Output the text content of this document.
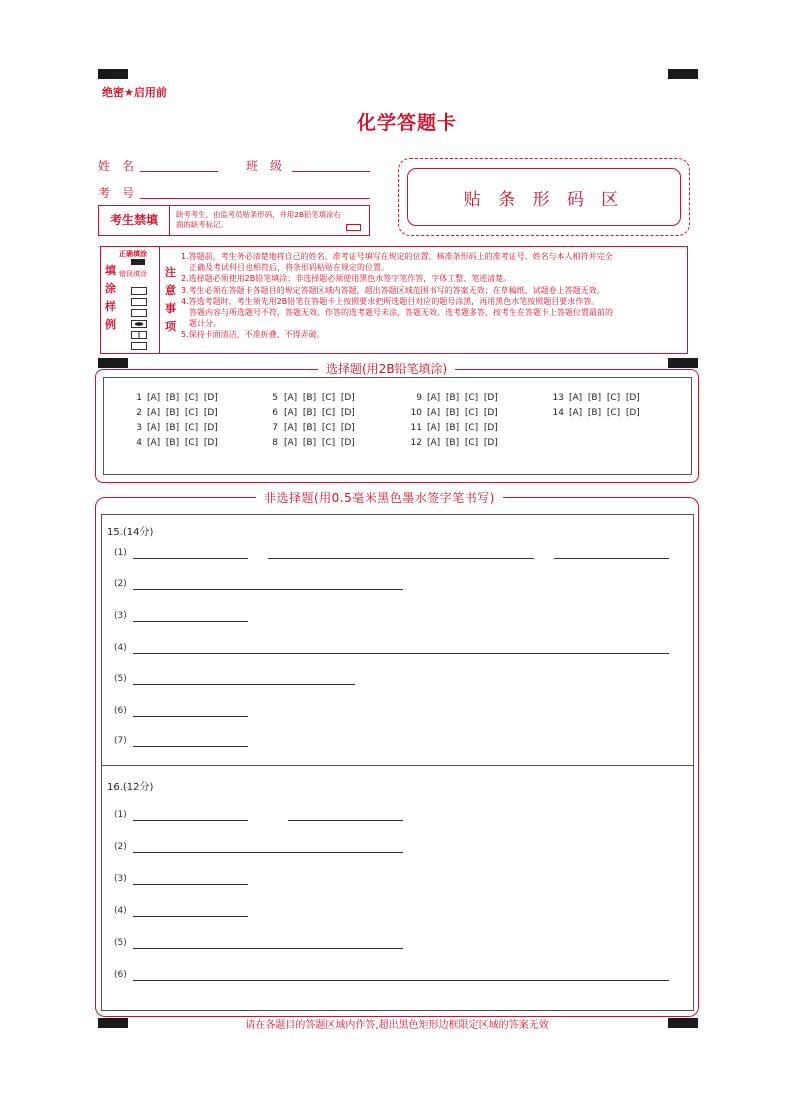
绝密★启用前
化学答题卡
姓　名	班　级
考　号
考生禁填	缺考考生，由监考员贴条形码，并用2B铅笔填涂右面的缺考标记。
贴 条 形 码 区
填
涂
样
例
正确填涂
错误填涂 注
意
事
项
1.答题前，考生务必清楚地将自己的姓名、准考证号填写在规定的位置，核准条形码上的准考证号、姓名与本人相符并完全
　正确及考试科目也相符后，将条形码粘贴在规定的位置。
2.选择题必须使用2B铅笔填涂；非选择题必须使用黑色水签字笔作答，字体工整、笔迹清楚。
3.考生必须在答题卡各题目的规定答题区域内答题，超出答题区域范围书写的答案无效；在草稿纸、试题卷上答题无效。
4.答选考题时，考生须先用2B铅笔在答题卡上按照要求把所选题目对应的题号涂黑，再用黑色水笔按照题目要求作答。
　答题内容与所选题号不符，答题无效。作答的选考题号未涂，答题无效。选考题多答，按考生在答题卡上答题位置最前的
　题计分。
5.保持卡面清洁，不准折叠、不得弄破。
选择题(用2B铅笔填涂)
1 [A]  [B]  [C]  [D]
2 [A]  [B]  [C]  [D]
3 [A]  [B]  [C]  [D]
4 [A]  [B]  [C]  [D]
5 [A]  [B]  [C]  [D]
6 [A]  [B]  [C]  [D]
7 [A]  [B]  [C]  [D]
8 [A]  [B]  [C]  [D]
9 [A]  [B]  [C]  [D]
10 [A]  [B]  [C]  [D]
11 [A]  [B]  [C]  [D]
12 [A]  [B]  [C]  [D]
13 [A]  [B]  [C]  [D]
14 [A]  [B]  [C]  [D]
非选择题(用0.5毫米黑色墨水签字笔书写)
15.(14分)
(1)
(2)
(3)
(4)
(5)
(6)
(7)
16.(12分)
(1)
(2)
(3)
(4)
(5)
(6)
请在各题目的答题区域内作答,超出黑色矩形边框限定区域的答案无效
